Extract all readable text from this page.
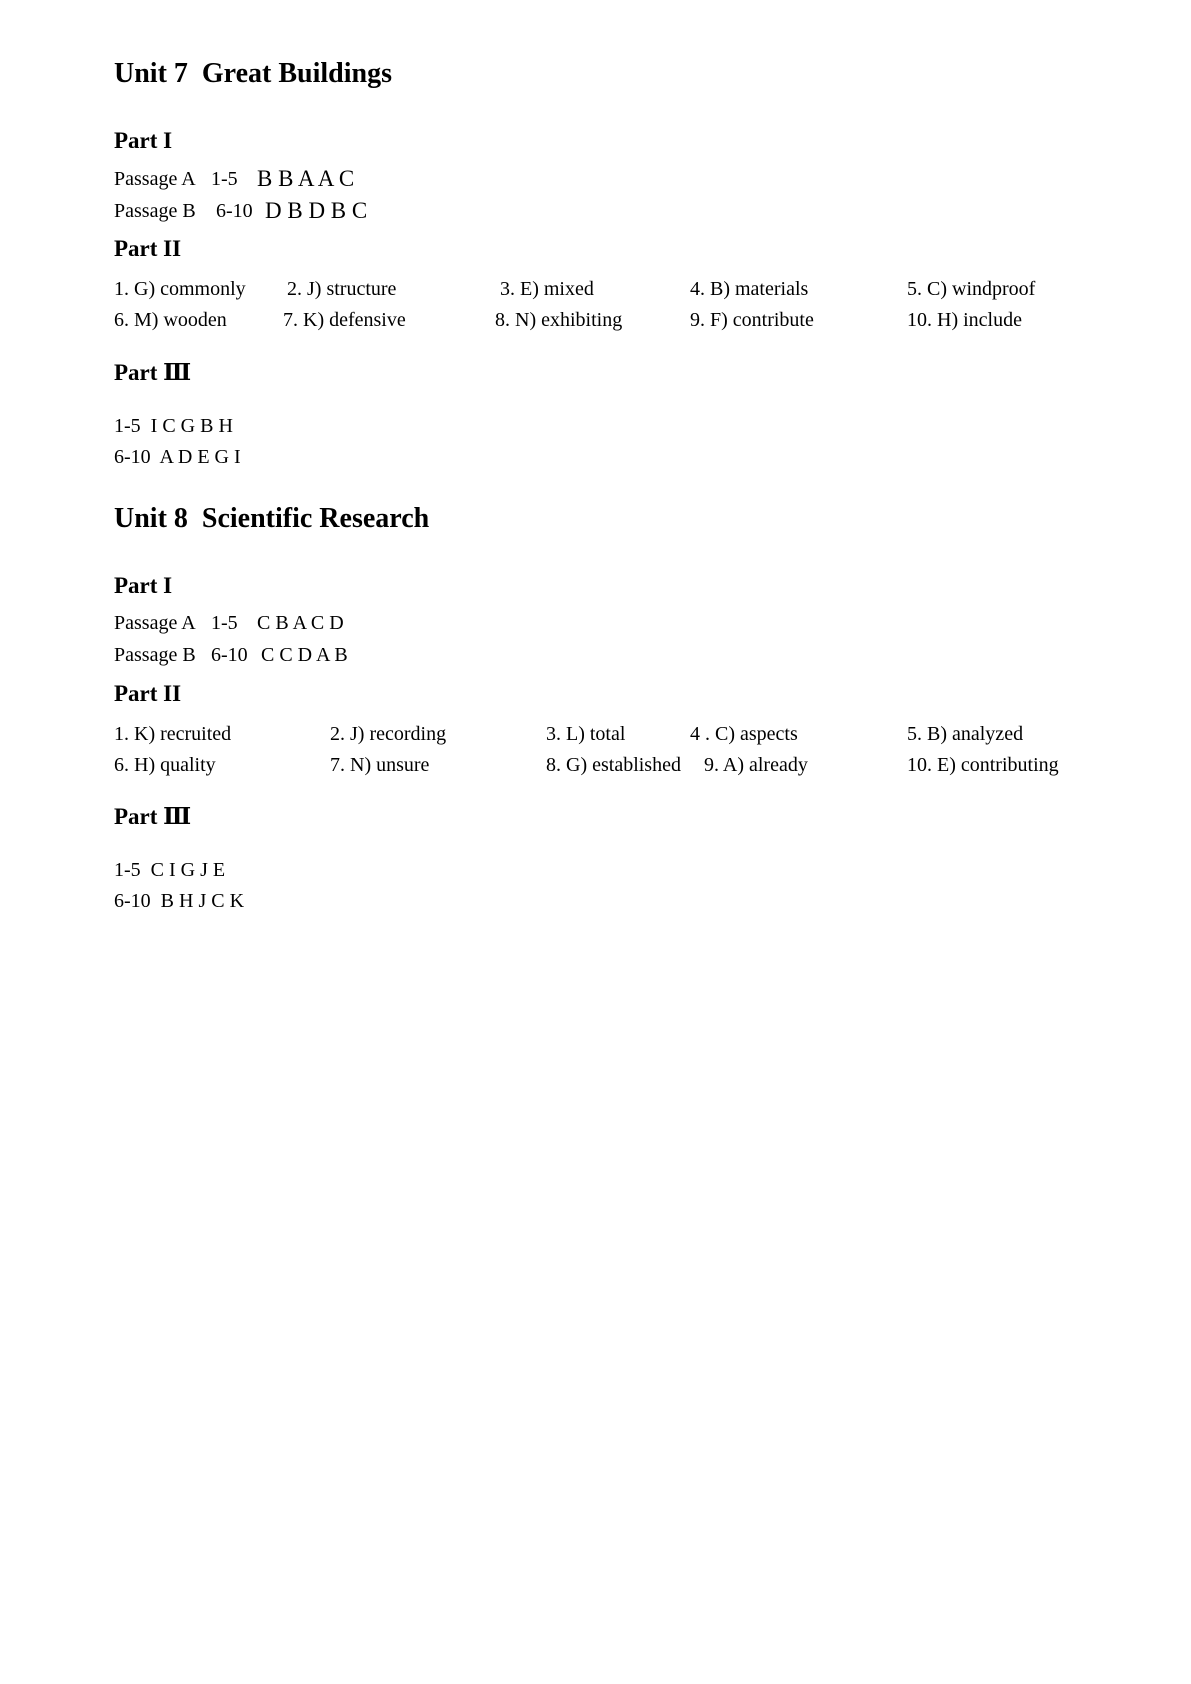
Unit 7  Great Buildings
Part I
Passage A 1-5 B B A A C
Passage B 6-10 D B D B C
Part II
1. G) commonly 2. J) structure	3. E) mixed	4. B) materials	5. C) windproof
6. M) wooden	7. K) defensive	8. N) exhibiting	9. F) contribute	10. H) include
Part Ⅲ
1-5  I C G B H
6-10  A D E G I
Unit 8  Scientific Research
Part I
Passage A 1-5 C B A C D
Passage B 6-10 C C D A B
Part II
1. K) recruited	2. J) recording	3. L) total	4 . C) aspects	5. B) analyzed
6. H) quality	7. N) unsure	8. G) established 9. A) already	10. E) contributing
Part Ⅲ
1-5  C I G J E
6-10  B H J C K
